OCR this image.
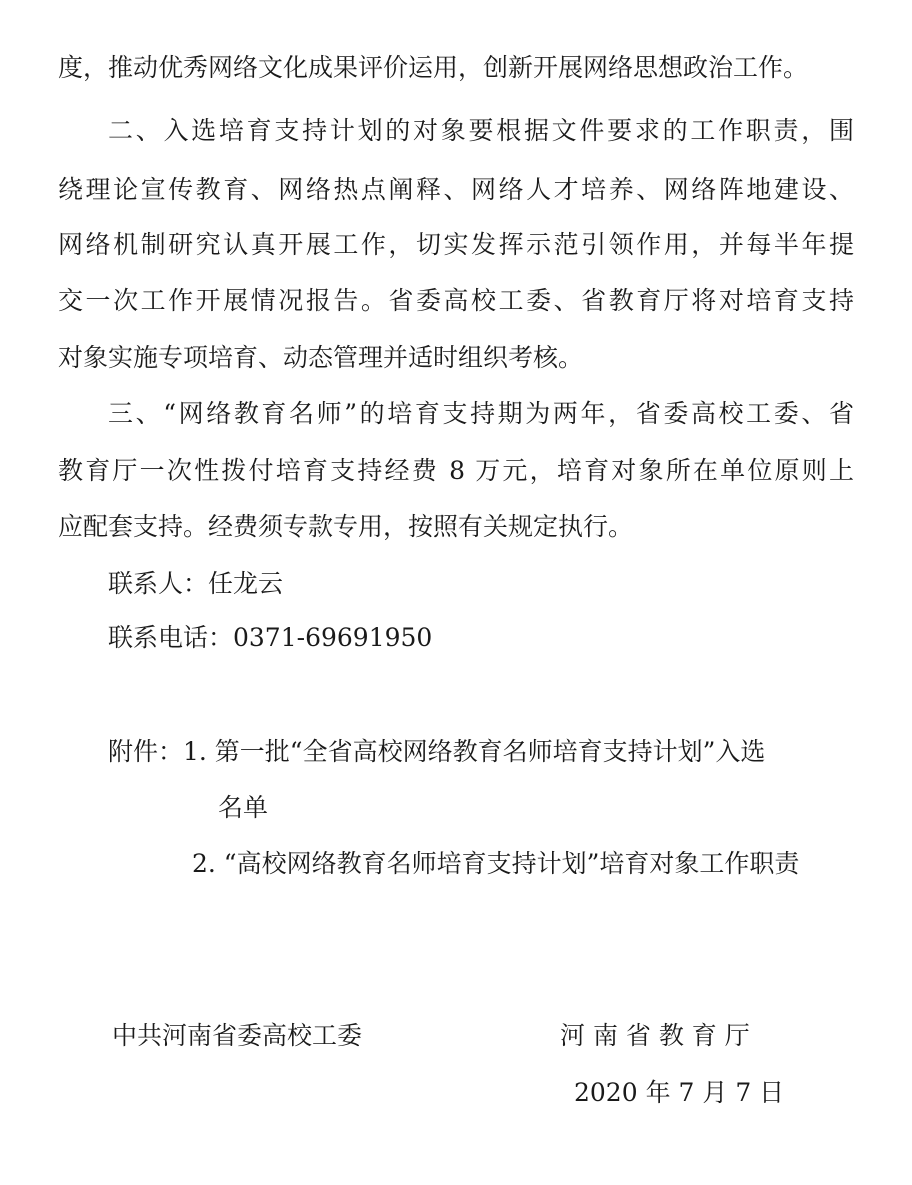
度，推动优秀网络文化成果评价运用，创新开展网络思想政治工作。
二、入选培育支持计划的对象要根据文件要求的工作职责，围
绕理论宣传教育、网络热点阐释、网络人才培养、网络阵地建设、
网络机制研究认真开展工作，切实发挥示范引领作用，并每半年提
交一次工作开展情况报告。省委高校工委、省教育厅将对培育支持
对象实施专项培育、动态管理并适时组织考核。
三、“网络教育名师”的培育支持期为两年，省委高校工委、省
教育厅一次性拨付培育支持经费 8 万元，培育对象所在单位原则上
应配套支持。经费须专款专用，按照有关规定执行。
联系人：任龙云
联系电话：0371-69691950
附件：1. 第一批“全省高校网络教育名师培育支持计划”入选
名单
2. “高校网络教育名师培育支持计划”培育对象工作职责
中共河南省委高校工委	河 南 省 教 育 厅
2020 年 7 月 7 日
